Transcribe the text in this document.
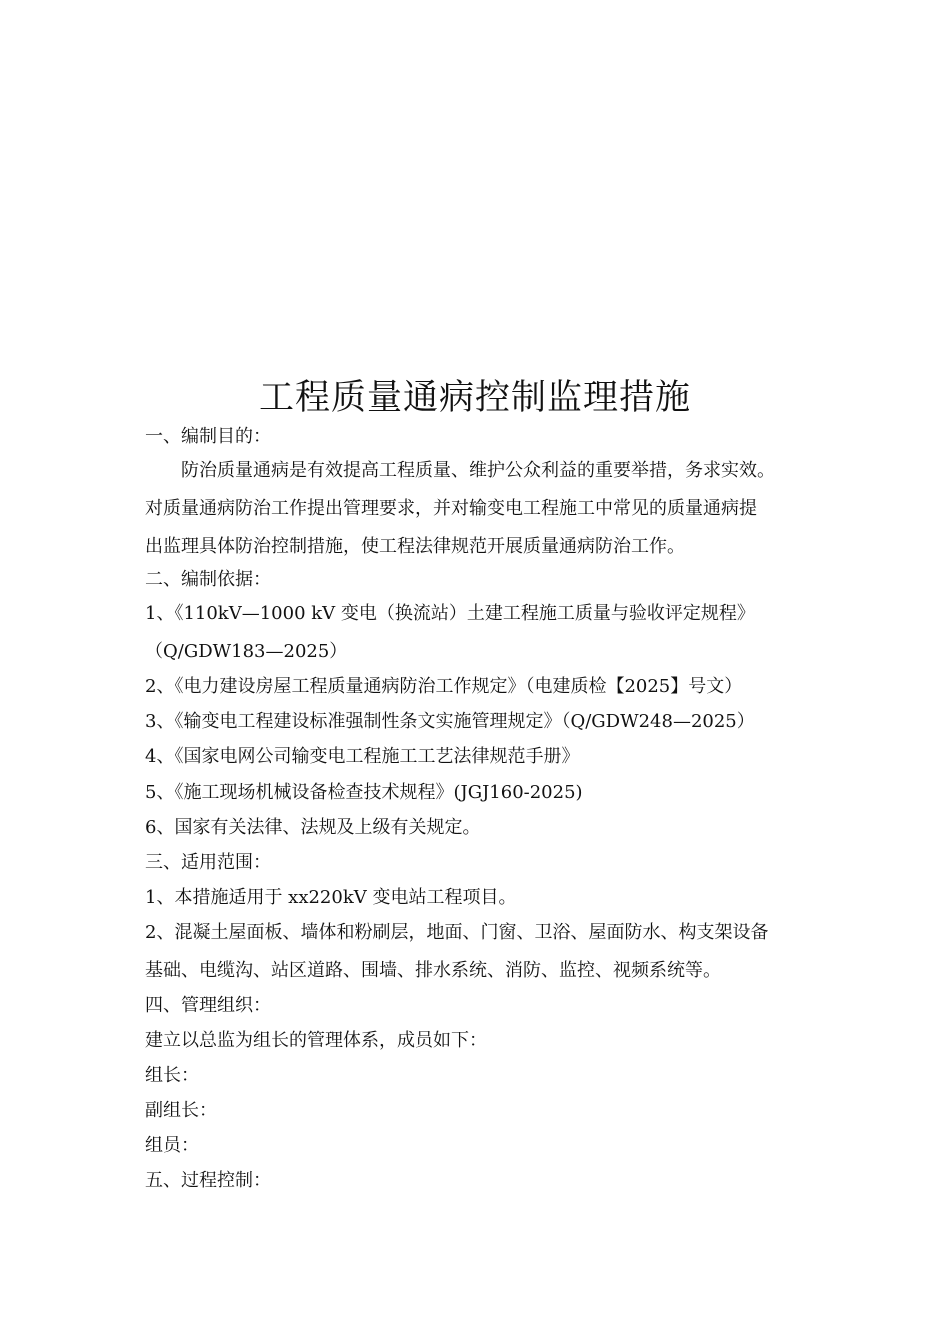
工程质量通病控制监理措施
一、编制目的：
防治质量通病是有效提高工程质量、维护公众利益的重要举措，务求实效。
对质量通病防治工作提出管理要求，并对输变电工程施工中常见的质量通病提
出监理具体防治控制措施，使工程法律规范开展质量通病防治工作。
二、编制依据：
1、《110kV—1000 kV 变电（换流站）土建工程施工质量与验收评定规程》
（Q/GDW183—2025）
2、《电力建设房屋工程质量通病防治工作规定》（电建质检【2025】号文）
3、《输变电工程建设标准强制性条文实施管理规定》（Q/GDW248—2025）
4、《国家电网公司输变电工程施工工艺法律规范手册》
5、《施工现场机械设备检查技术规程》(JGJ160-2025)
6、国家有关法律、法规及上级有关规定。
三、适用范围：
1、本措施适用于 xx220kV 变电站工程项目。
2、混凝土屋面板、墙体和粉刷层，地面、门窗、卫浴、屋面防水、构支架设备
基础、电缆沟、站区道路、围墙、排水系统、消防、监控、视频系统等。
四、管理组织：
建立以总监为组长的管理体系，成员如下：
组长：
副组长：
组员：
五、过程控制：
